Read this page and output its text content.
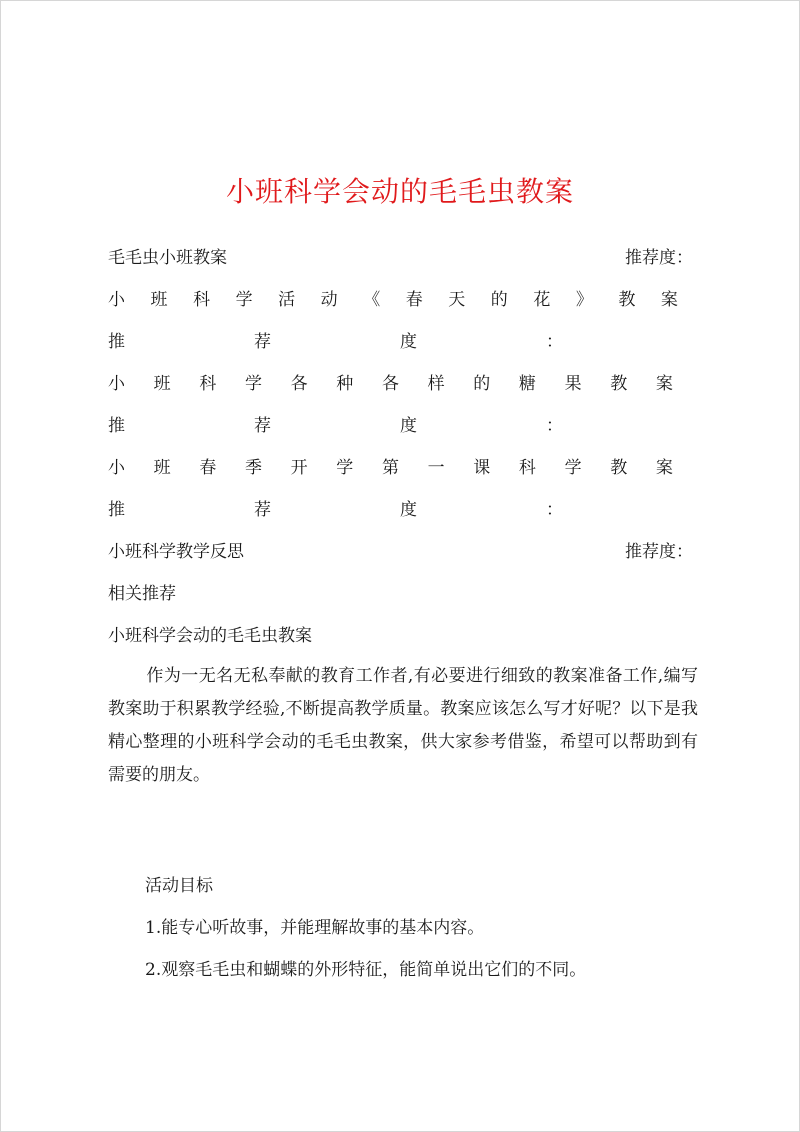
小班科学会动的毛毛虫教案
毛毛虫小班教案	推荐度：
小 班 科 学 活 动 《 春 天 的 花 》 教 案
推	荐	度	：
小 班 科 学 各 种 各 样 的 糖 果 教 案
推	荐	度	：
小 班 春 季 开 学 第 一 课 科 学 教 案
推	荐	度	：
小班科学教学反思	推荐度：
相关推荐
小班科学会动的毛毛虫教案
作为一无名无私奉献的教育工作者,有必要进行细致的教案准备工作,编写教案助于积累教学经验,不断提高教学质量。教案应该怎么写才好呢？以下是我精心整理的小班科学会动的毛毛虫教案，供大家参考借鉴，希望可以帮助到有需要的朋友。
活动目标
1.能专心听故事，并能理解故事的基本内容。
2.观察毛毛虫和蝴蝶的外形特征，能简单说出它们的不同。
